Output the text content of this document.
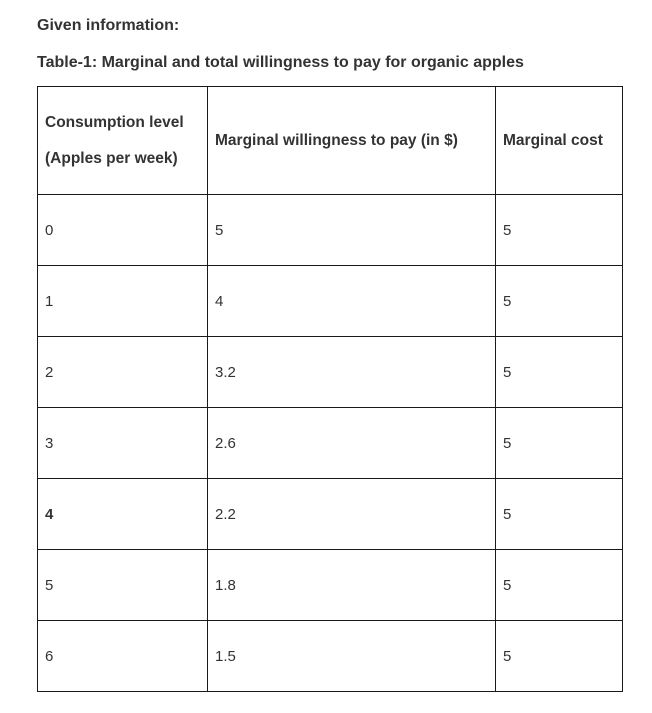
Given information:

Table-1: Marginal and total willingness to pay for organic apples

Consumption level
(Apples per week)	Marginal willingness to pay (in $)	Marginal cost
0	5	5
1	4	5
2	3.2	5
3	2.6	5
4	2.2	5
5	1.8	5
6	1.5	5
